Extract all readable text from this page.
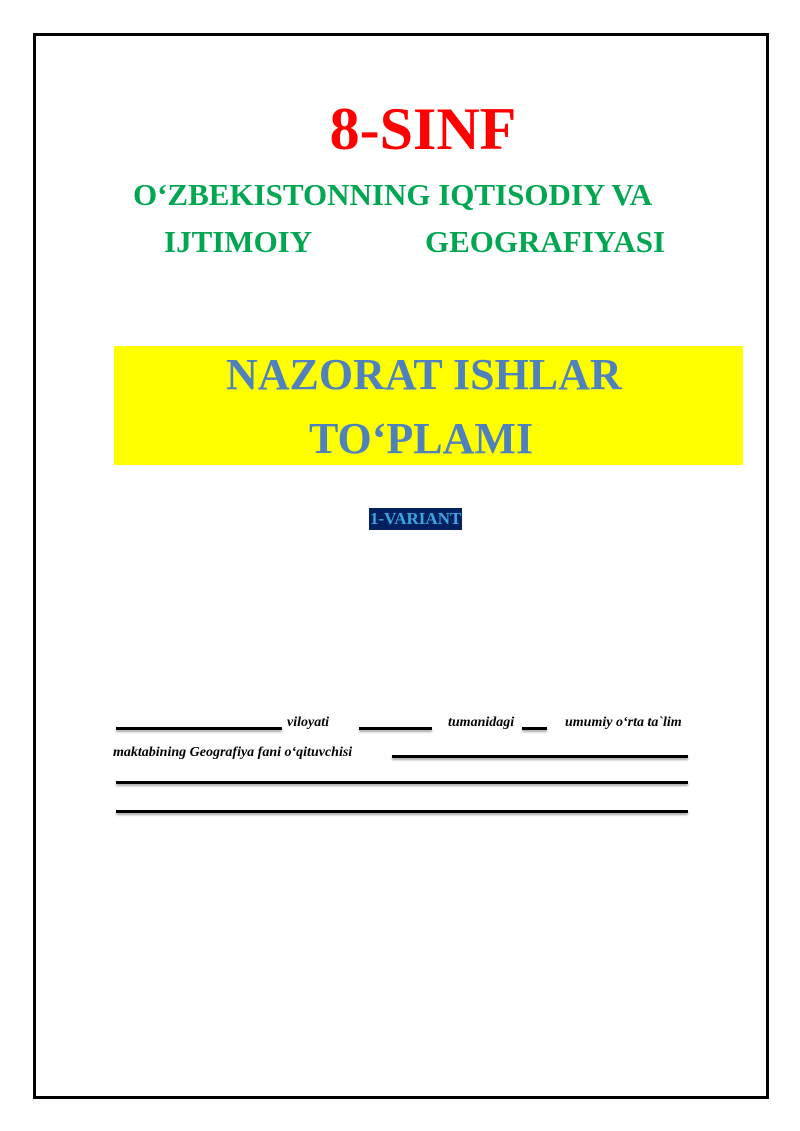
8-SINF
O‘ZBEKISTONNING IQTISODIY VA
IJTIMOIY	GEOGRAFIYASI
NAZORAT ISHLAR
TO‘PLAMI
1-VARIANT
viloyati	tumanidagi	umumiy o‘rta ta`lim
maktabining Geografiya fani o‘qituvchisi
